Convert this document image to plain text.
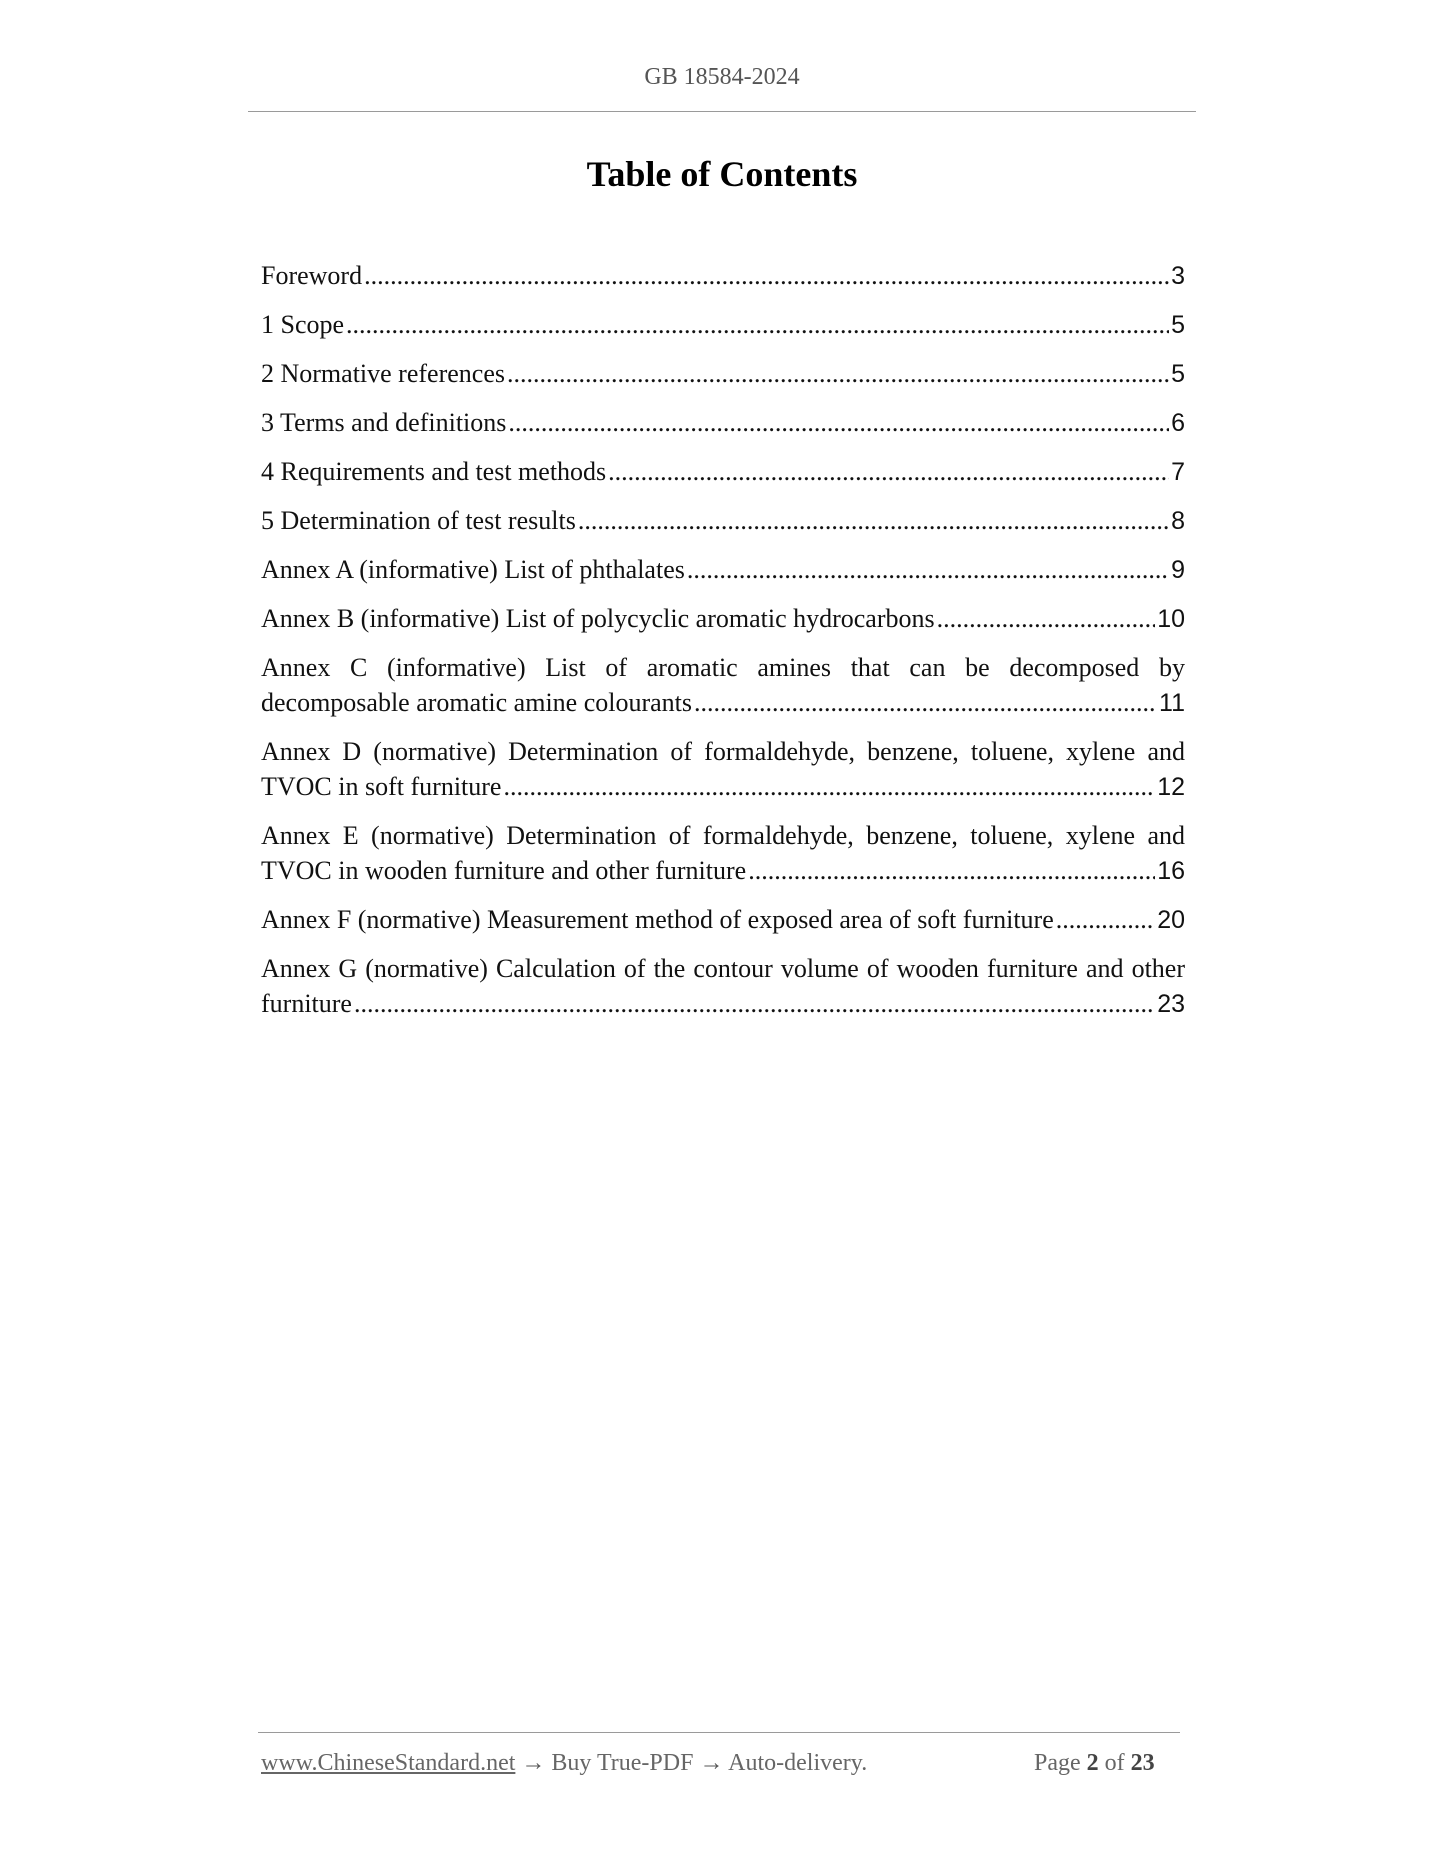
GB 18584-2024
Table of Contents
Foreword .....	3
1 Scope .....	5
2 Normative references .....	5
3 Terms and definitions .....	6
4 Requirements and test methods .....	7
5 Determination of test results .....	8
Annex A (informative) List of phthalates .....	9
Annex B (informative) List of polycyclic aromatic hydrocarbons .....	10
Annex C (informative) List of aromatic amines that can be decomposed by
decomposable aromatic amine colourants .....	11
Annex D (normative) Determination of formaldehyde, benzene, toluene, xylene and
TVOC in soft furniture .....	12
Annex E (normative) Determination of formaldehyde, benzene, toluene, xylene and
TVOC in wooden furniture and other furniture .....	16
Annex F (normative) Measurement method of exposed area of soft furniture .....	20
Annex G (normative) Calculation of the contour volume of wooden furniture and other
furniture .....	23
www.ChineseStandard.net → Buy True-PDF → Auto-delivery.	Page 2 of 23
